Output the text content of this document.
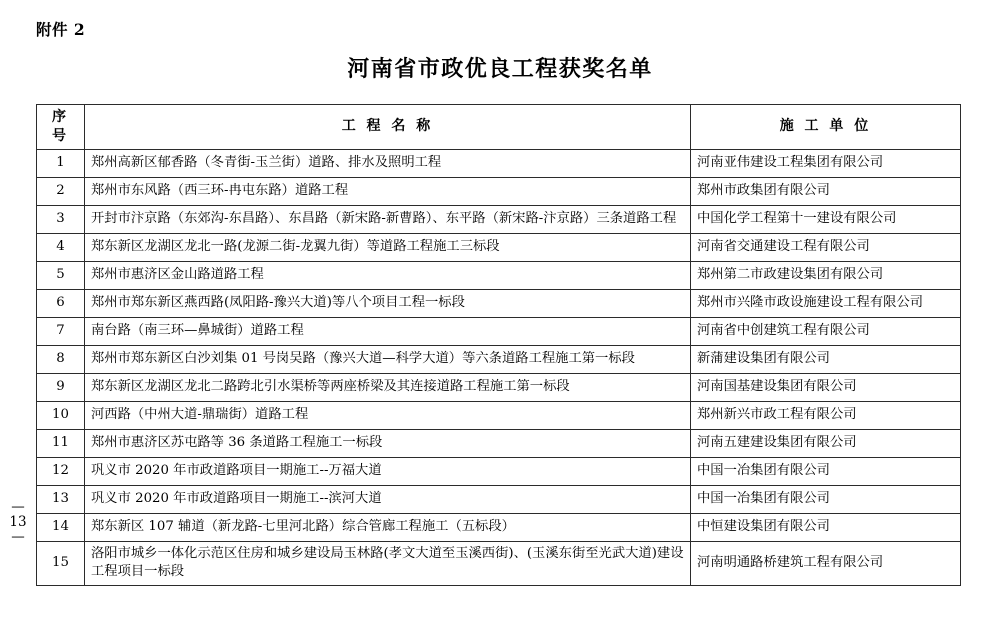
附件 2
河南省市政优良工程获奖名单
—
13
—
序 号	工 程 名 称	施 工 单 位
1	郑州高新区郁香路（冬青街-玉兰街）道路、排水及照明工程	河南亚伟建设工程集团有限公司
2	郑州市东风路（西三环-冉屯东路）道路工程	郑州市政集团有限公司
3	开封市汴京路（东郊沟-东昌路）、东昌路（新宋路-新曹路）、东平路（新宋路-汴京路）三条道路工程	中国化学工程第十一建设有限公司
4	郑东新区龙湖区龙北一路(龙源二街-龙翼九街）等道路工程施工三标段	河南省交通建设工程有限公司
5	郑州市惠济区金山路道路工程	郑州第二市政建设集团有限公司
6	郑州市郑东新区燕西路(凤阳路-豫兴大道)等八个项目工程一标段	郑州市兴隆市政设施建设工程有限公司
7	南台路（南三环—鼻城街）道路工程	河南省中创建筑工程有限公司
8	郑州市郑东新区白沙刘集 01 号岗吴路（豫兴大道—科学大道）等六条道路工程施工第一标段	新蒲建设集团有限公司
9	郑东新区龙湖区龙北二路跨北引水渠桥等两座桥梁及其连接道路工程施工第一标段	河南国基建设集团有限公司
10	河西路（中州大道-鼎瑞街）道路工程	郑州新兴市政工程有限公司
11	郑州市惠济区苏屯路等 36 条道路工程施工一标段	河南五建建设集团有限公司
12	巩义市 2020 年市政道路项目一期施工--万福大道	中国一冶集团有限公司
13	巩义市 2020 年市政道路项目一期施工--滨河大道	中国一冶集团有限公司
14	郑东新区 107 辅道（新龙路-七里河北路）综合管廊工程施工（五标段）	中恒建设集团有限公司
15	洛阳市城乡一体化示范区住房和城乡建设局玉林路(孝文大道至玉溪西街)、(玉溪东街至光武大道)建设工程项目一标段	河南明通路桥建筑工程有限公司
